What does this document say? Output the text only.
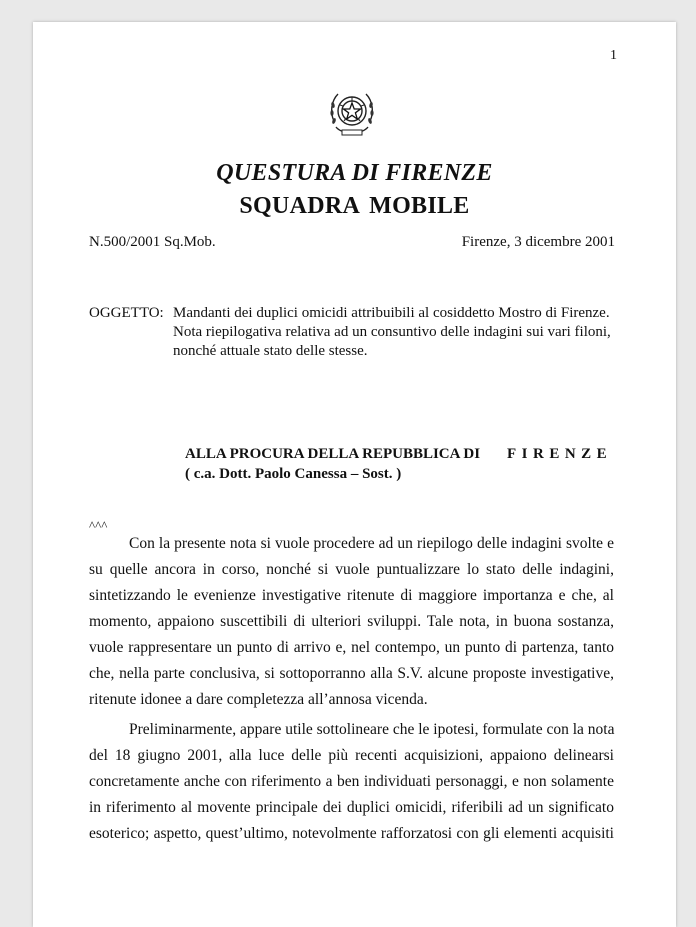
1
QUESTURA DI FIRENZE
SQUADRA MOBILE
N.500/2001 Sq.Mob.	Firenze, 3 dicembre 2001
OGGETTO: Mandanti dei duplici omicidi attribuibili al cosiddetto Mostro di Firenze.
Nota riepilogativa relativa ad un consuntivo delle indagini sui vari filoni,
nonché attuale stato delle stesse.
ALLA PROCURA DELLA REPUBBLICA DI FIRENZE
( c.a. Dott. Paolo Canessa – Sost. )
^^^
Con la presente nota si vuole procedere ad un riepilogo delle indagini svolte e
su quelle ancora in corso, nonché si vuole puntualizzare lo stato delle indagini,
sintetizzando le evenienze investigative ritenute di maggiore importanza e che, al
momento, appaiono suscettibili di ulteriori sviluppi. Tale nota, in buona sostanza,
vuole rappresentare un punto di arrivo e, nel contempo, un punto di partenza, tanto
che, nella parte conclusiva, si sottoporranno alla S.V. alcune proposte investigative,
ritenute idonee a dare completezza all’annosa vicenda.
Preliminarmente, appare utile sottolineare che le ipotesi, formulate con la nota
del 18 giugno 2001, alla luce delle più recenti acquisizioni, appaiono delinearsi
concretamente anche con riferimento a ben individuati personaggi, e non solamente
in riferimento al movente principale dei duplici omicidi, riferibili ad un significato
esoterico; aspetto, quest’ultimo, notevolmente rafforzatosi con gli elementi acquisiti
